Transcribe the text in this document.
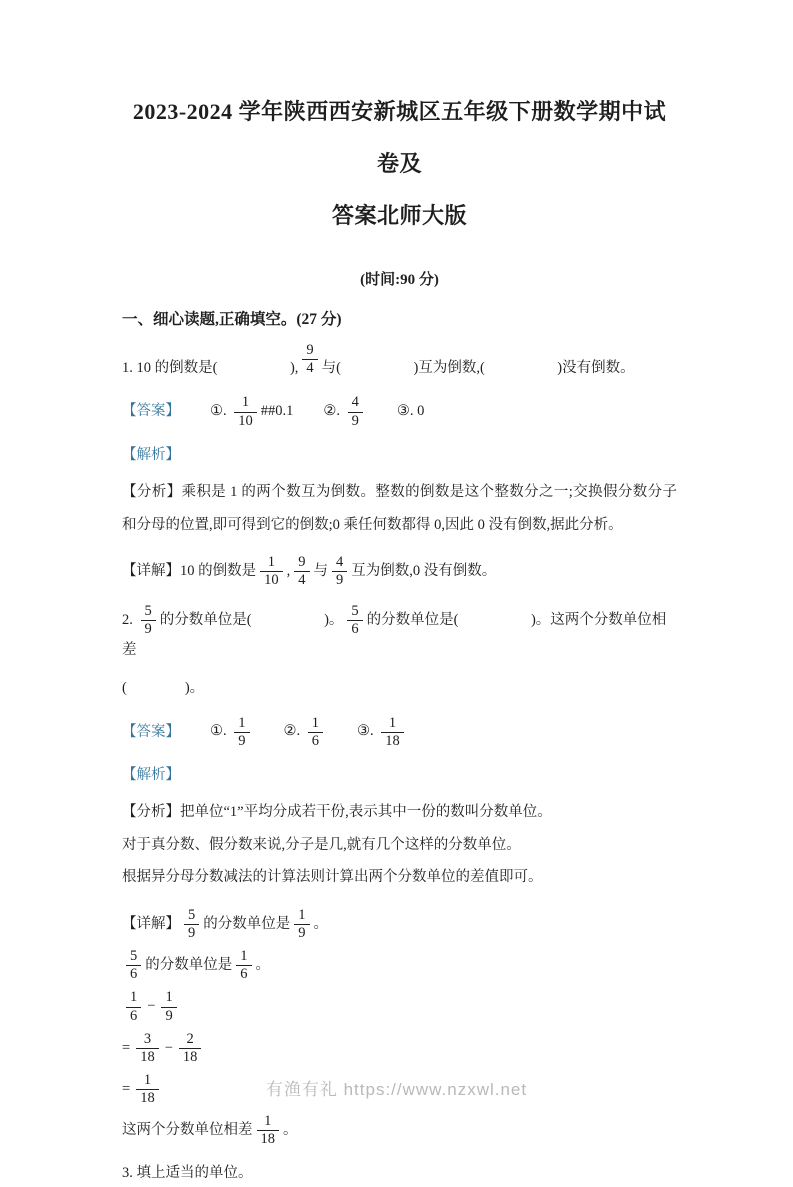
2023-2024 学年陕西西安新城区五年级下册数学期中试卷及
答案北师大版
(时间:90 分)
一、细心读题,正确填空。(27 分)
1. 10 的倒数是(　　　　　), $\frac{9}{4}$ 与(　　　　　)互为倒数,(　　　　　)没有倒数。
【答案】 ①. $\frac{1}{10}$ ##0.1 ②. $\frac{4}{9}$ ③. 0
【解析】
【分析】乘积是 1 的两个数互为倒数。整数的倒数是这个整数分之一;交换假分数分子和分母的位置,即可得到它的倒数;0 乘任何数都得 0,因此 0 没有倒数,据此分析。
【详解】10 的倒数是 $\frac{1}{10}$ , $\frac{9}{4}$ 与 $\frac{4}{9}$ 互为倒数,0 没有倒数。
2. $\frac{5}{9}$ 的分数单位是(　　　　　)。 $\frac{5}{6}$ 的分数单位是(　　　　　)。这两个分数单位相差
(　　　　)。
【答案】 ①. $\frac{1}{9}$ ②. $\frac{1}{6}$ ③. $\frac{1}{18}$
【解析】
【分析】把单位“1”平均分成若干份,表示其中一份的数叫分数单位。
对于真分数、假分数来说,分子是几,就有几个这样的分数单位。
根据异分母分数减法的计算法则计算出两个分数单位的差值即可。
【详解】 $\frac{5}{9}$ 的分数单位是 $\frac{1}{9}$ 。
$\frac{5}{6}$ 的分数单位是 $\frac{1}{6}$ 。
$\frac{1}{6} - \frac{1}{9}$
= $\frac{3}{18} - \frac{2}{18}$
= $\frac{1}{18}$
这两个分数单位相差 $\frac{1}{18}$ 。
3. 填上适当的单位。
有渔有礼 https://www.nzxwl.net
